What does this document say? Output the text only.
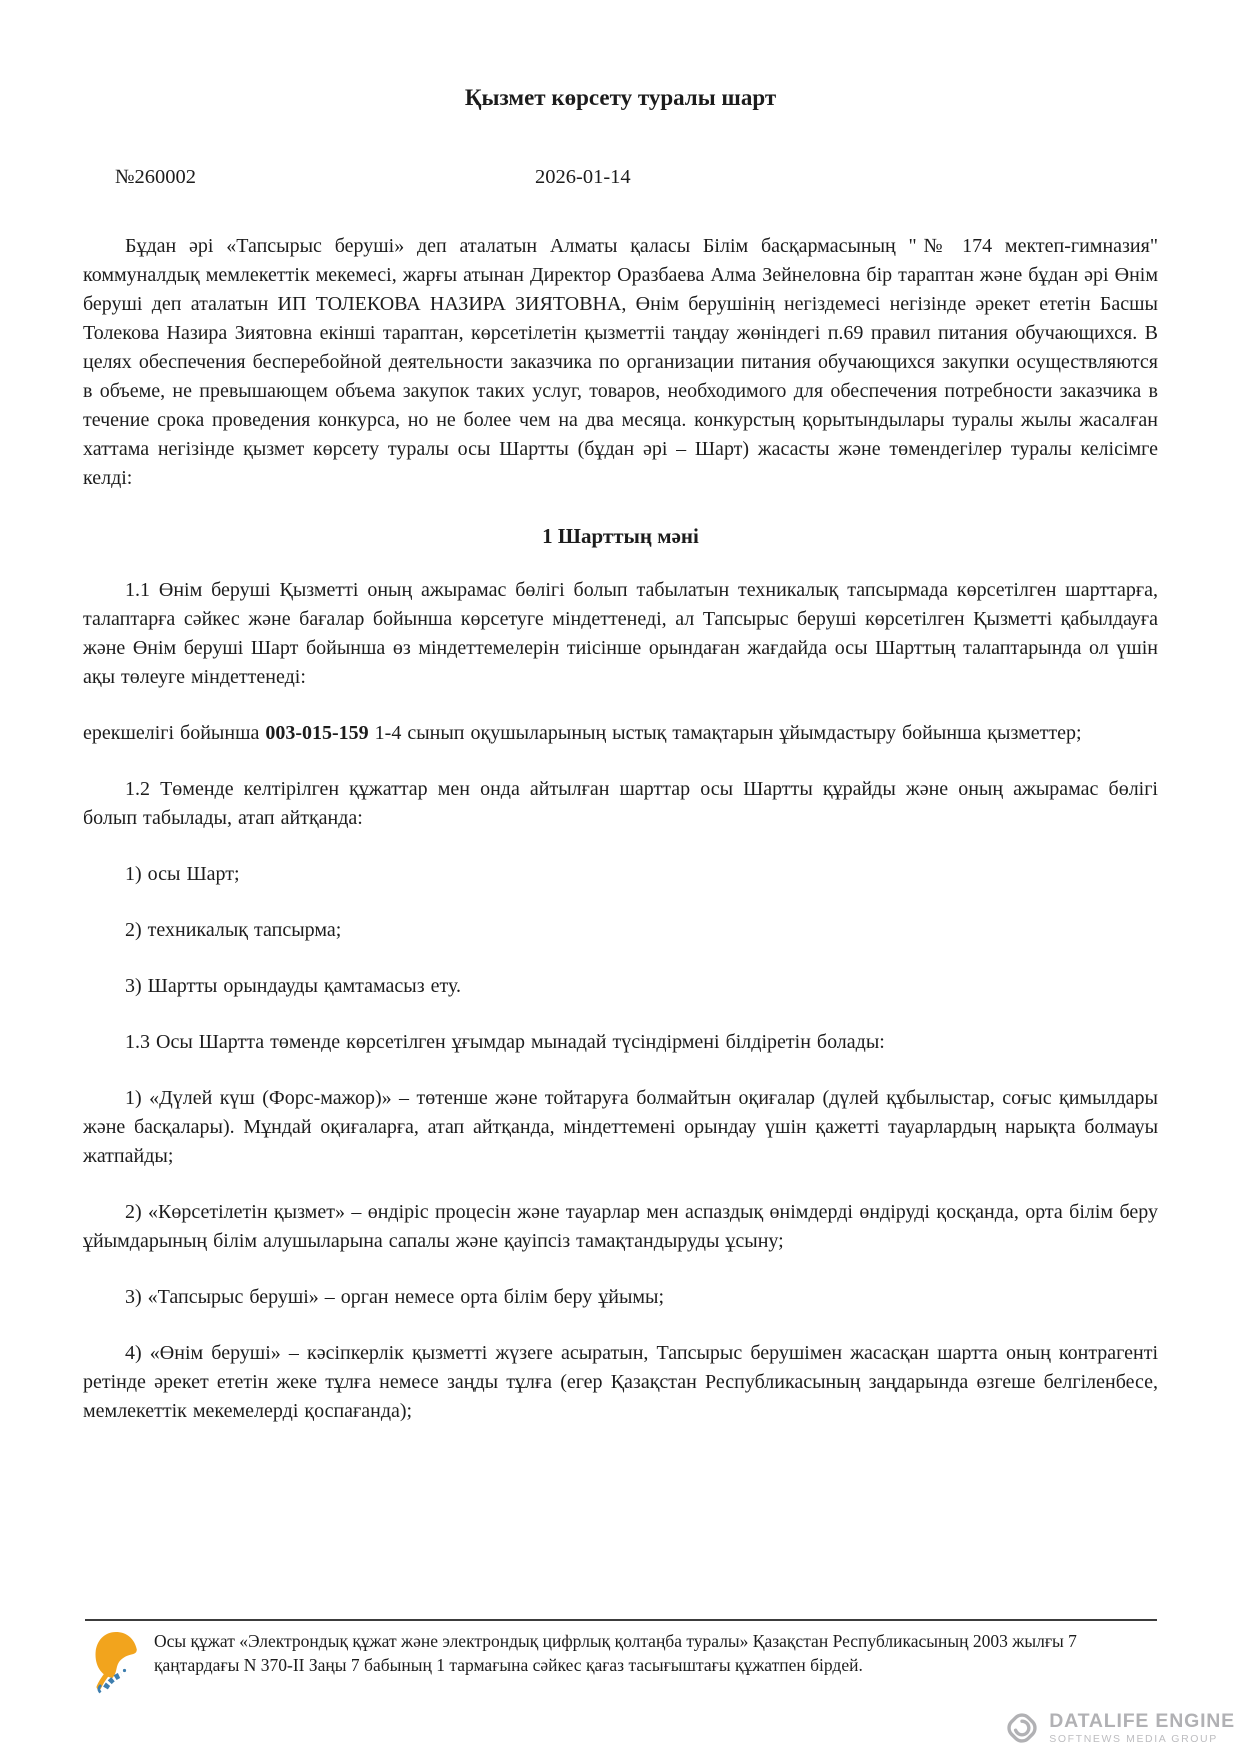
Қызмет көрсету туралы шарт
№260002	2026-01-14

Бұдан әрі «Тапсырыс беруші» деп аталатын Алматы қаласы Білім басқармасының "№ 174 мектеп-гимназия" коммуналдық мемлекеттік мекемесі, жарғы атынан Директор Оразбаева Алма Зейнеловна бір тараптан және бұдан әрі Өнім беруші деп аталатын ИП ТОЛЕКОВА НАЗИРА ЗИЯТОВНА, Өнім берушінің негіздемесі негізінде әрекет ететін Басшы Толекова Назира Зиятовна екінші тараптан, көрсетілетін қызметтіі таңдау жөніндегі п.69 правил питания обучающихся. В целях обеспечения бесперебойной деятельности заказчика по организации питания обучающихся закупки осуществляются в объеме, не превышающем объема закупок таких услуг, товаров, необходимого для обеспечения потребности заказчика в течение срока проведения конкурса, но не более чем на два месяца. конкурстың қорытындылары туралы жылы жасалған хаттама негізінде қызмет көрсету туралы осы Шартты (бұдан әрі – Шарт) жасасты және төмендегілер туралы келісімге келді:

1 Шарттың мәні

1.1 Өнім беруші Қызметті оның ажырамас бөлігі болып табылатын техникалық тапсырмада көрсетілген шарттарға, талаптарға сәйкес және бағалар бойынша көрсетуге міндеттенеді, ал Тапсырыс беруші көрсетілген Қызметті қабылдауға және Өнім беруші Шарт бойынша өз міндеттемелерін тиісінше орындаған жағдайда осы Шарттың талаптарында ол үшін ақы төлеуге міндеттенеді:

ерекшелігі бойынша 003-015-159 1-4 сынып оқушыларының ыстық тамақтарын ұйымдастыру бойынша қызметтер;

1.2 Төменде келтірілген құжаттар мен онда айтылған шарттар осы Шартты құрайды және оның ажырамас бөлігі болып табылады, атап айтқанда:

1) осы Шарт;

2) техникалық тапсырма;

3) Шартты орындауды қамтамасыз ету.

1.3 Осы Шартта төменде көрсетілген ұғымдар мынадай түсіндірмені білдіретін болады:

1) «Дүлей күш (Форс-мажор)» – төтенше және тойтаруға болмайтын оқиғалар (дүлей құбылыстар, соғыс қимылдары және басқалары). Мұндай оқиғаларға, атап айтқанда, міндеттемені орындау үшін қажетті тауарлардың нарықта болмауы жатпайды;

2) «Көрсетілетін қызмет» – өндіріс процесін және тауарлар мен аспаздық өнімдерді өндіруді қосқанда, орта білім беру ұйымдарының білім алушыларына сапалы және қауіпсіз тамақтандыруды ұсыну;

3) «Тапсырыс беруші» – орган немесе орта білім беру ұйымы;

4) «Өнім беруші» – кәсіпкерлік қызметті жүзеге асыратын, Тапсырыс берушімен жасасқан шартта оның контрагенті ретінде әрекет ететін жеке тұлға немесе заңды тұлға (егер Қазақстан Республикасының заңдарында өзгеше белгіленбесе, мемлекеттік мекемелерді қоспағанда);

Осы құжат «Электрондық құжат және электрондық цифрлық қолтаңба туралы» Қазақстан Республикасының 2003 жылғы 7 қаңтардағы N 370-II Заңы 7 бабының 1 тармағына сәйкес қағаз тасығыштағы құжатпен бірдей.
DATALIFE ENGINE
SOFTNEWS MEDIA GROUP
